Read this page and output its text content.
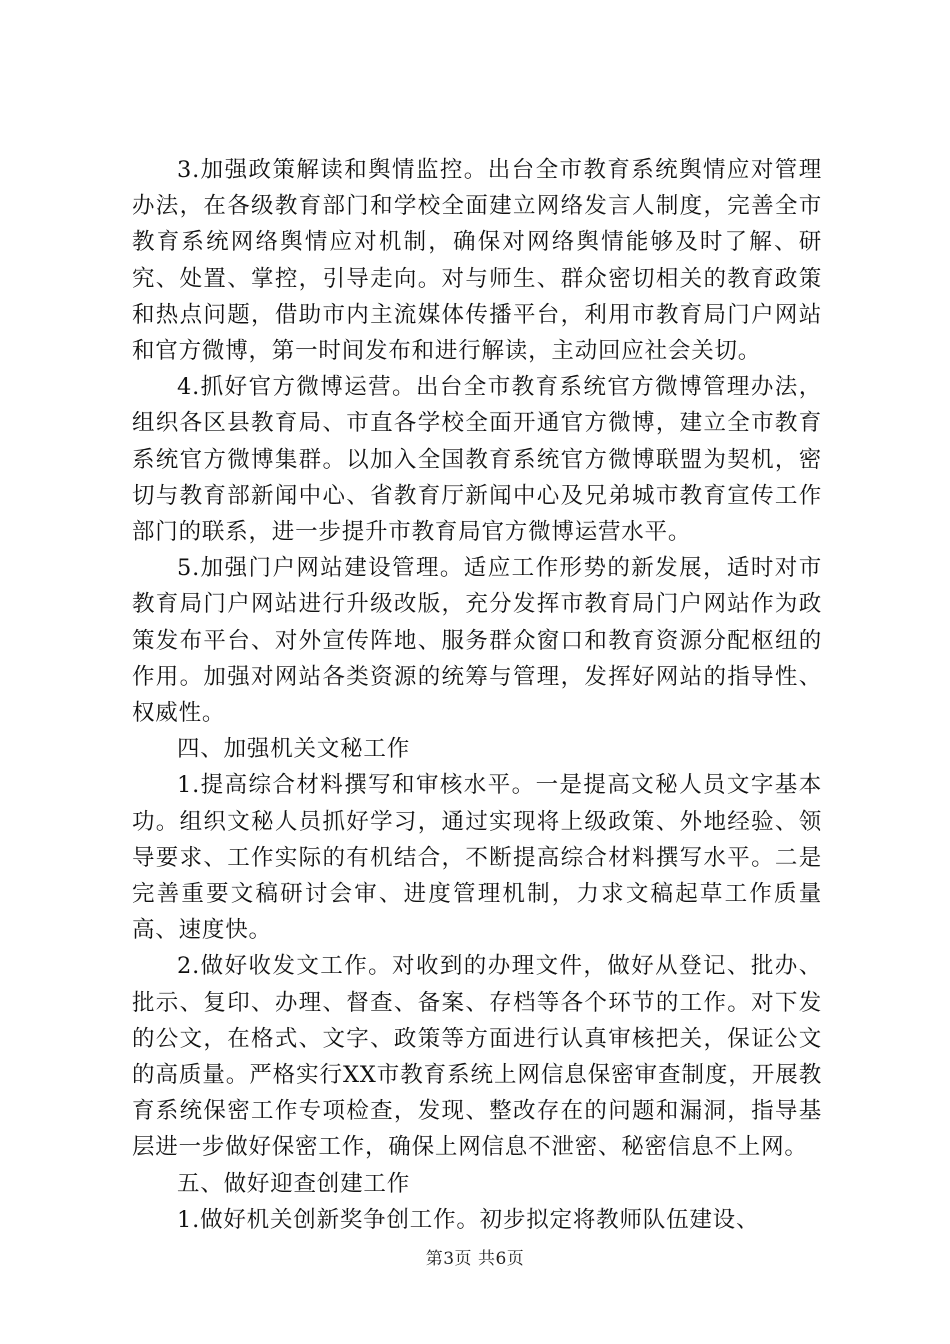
3.加强政策解读和舆情监控。出台全市教育系统舆情应对管理办法，在各级教育部门和学校全面建立网络发言人制度，完善全市教育系统网络舆情应对机制，确保对网络舆情能够及时了解、研究、处置、掌控，引导走向。对与师生、群众密切相关的教育政策和热点问题，借助市内主流媒体传播平台，利用市教育局门户网站和官方微博，第一时间发布和进行解读，主动回应社会关切。

4.抓好官方微博运营。出台全市教育系统官方微博管理办法，组织各区县教育局、市直各学校全面开通官方微博，建立全市教育系统官方微博集群。以加入全国教育系统官方微博联盟为契机，密切与教育部新闻中心、省教育厅新闻中心及兄弟城市教育宣传工作部门的联系，进一步提升市教育局官方微博运营水平。

5.加强门户网站建设管理。适应工作形势的新发展，适时对市教育局门户网站进行升级改版，充分发挥市教育局门户网站作为政策发布平台、对外宣传阵地、服务群众窗口和教育资源分配枢纽的作用。加强对网站各类资源的统筹与管理，发挥好网站的指导性、权威性。

四、加强机关文秘工作

1.提高综合材料撰写和审核水平。一是提高文秘人员文字基本功。组织文秘人员抓好学习，通过实现将上级政策、外地经验、领导要求、工作实际的有机结合，不断提高综合材料撰写水平。二是完善重要文稿研讨会审、进度管理机制，力求文稿起草工作质量高、速度快。

2.做好收发文工作。对收到的办理文件，做好从登记、批办、批示、复印、办理、督查、备案、存档等各个环节的工作。对下发的公文，在格式、文字、政策等方面进行认真审核把关，保证公文的高质量。严格实行XX市教育系统上网信息保密审查制度，开展教育系统保密工作专项检查，发现、整改存在的问题和漏洞，指导基层进一步做好保密工作，确保上网信息不泄密、秘密信息不上网。

五、做好迎查创建工作

1.做好机关创新奖争创工作。初步拟定将教师队伍建设、

第3页 共6页
